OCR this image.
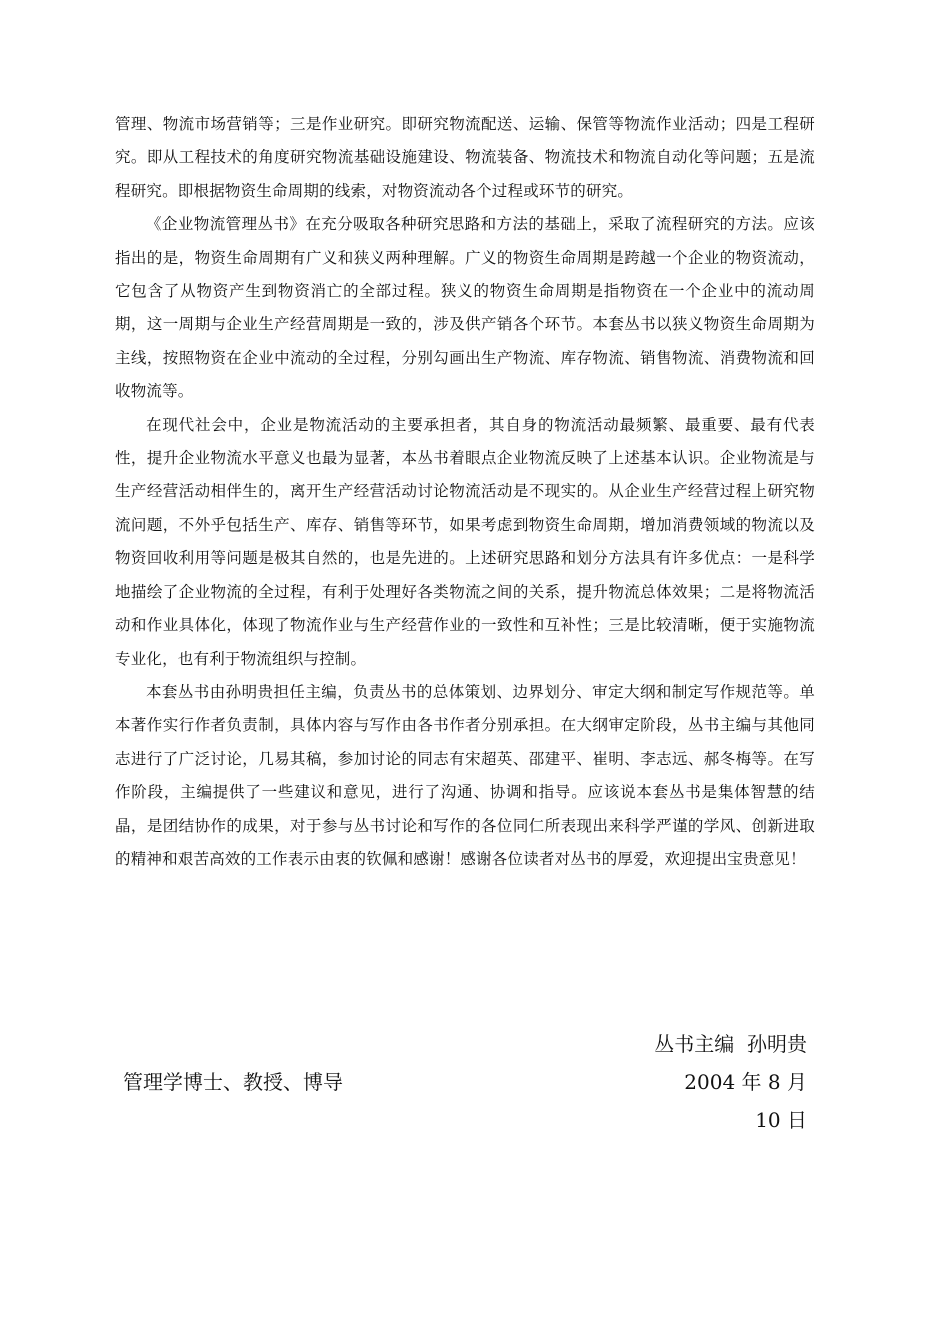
管理、物流市场营销等；三是作业研究。即研究物流配送、运输、保管等物流作业活动；四是工程研究。即从工程技术的角度研究物流基础设施建设、物流装备、物流技术和物流自动化等问题；五是流程研究。即根据物资生命周期的线索，对物资流动各个过程或环节的研究。

《企业物流管理丛书》在充分吸取各种研究思路和方法的基础上，采取了流程研究的方法。应该指出的是，物资生命周期有广义和狭义两种理解。广义的物资生命周期是跨越一个企业的物资流动，它包含了从物资产生到物资消亡的全部过程。狭义的物资生命周期是指物资在一个企业中的流动周期，这一周期与企业生产经营周期是一致的，涉及供产销各个环节。本套丛书以狭义物资生命周期为主线，按照物资在企业中流动的全过程，分别勾画出生产物流、库存物流、销售物流、消费物流和回收物流等。

在现代社会中，企业是物流活动的主要承担者，其自身的物流活动最频繁、最重要、最有代表性，提升企业物流水平意义也最为显著，本丛书着眼点企业物流反映了上述基本认识。企业物流是与生产经营活动相伴生的，离开生产经营活动讨论物流活动是不现实的。从企业生产经营过程上研究物流问题，不外乎包括生产、库存、销售等环节，如果考虑到物资生命周期，增加消费领域的物流以及物资回收利用等问题是极其自然的，也是先进的。上述研究思路和划分方法具有许多优点：一是科学地描绘了企业物流的全过程，有利于处理好各类物流之间的关系，提升物流总体效果；二是将物流活动和作业具体化，体现了物流作业与生产经营作业的一致性和互补性；三是比较清晰，便于实施物流专业化，也有利于物流组织与控制。

本套丛书由孙明贵担任主编，负责丛书的总体策划、边界划分、审定大纲和制定写作规范等。单本著作实行作者负责制，具体内容与写作由各书作者分别承担。在大纲审定阶段，丛书主编与其他同志进行了广泛讨论，几易其稿，参加讨论的同志有宋超英、邵建平、崔明、李志远、郝冬梅等。在写作阶段，主编提供了一些建议和意见，进行了沟通、协调和指导。应该说本套丛书是集体智慧的结晶，是团结协作的成果，对于参与丛书讨论和写作的各位同仁所表现出来科学严谨的学风、创新进取的精神和艰苦高效的工作表示由衷的钦佩和感谢！感谢各位读者对丛书的厚爱，欢迎提出宝贵意见！

丛书主编  孙明贵
管理学博士、教授、博导	2004 年 8 月
10 日
